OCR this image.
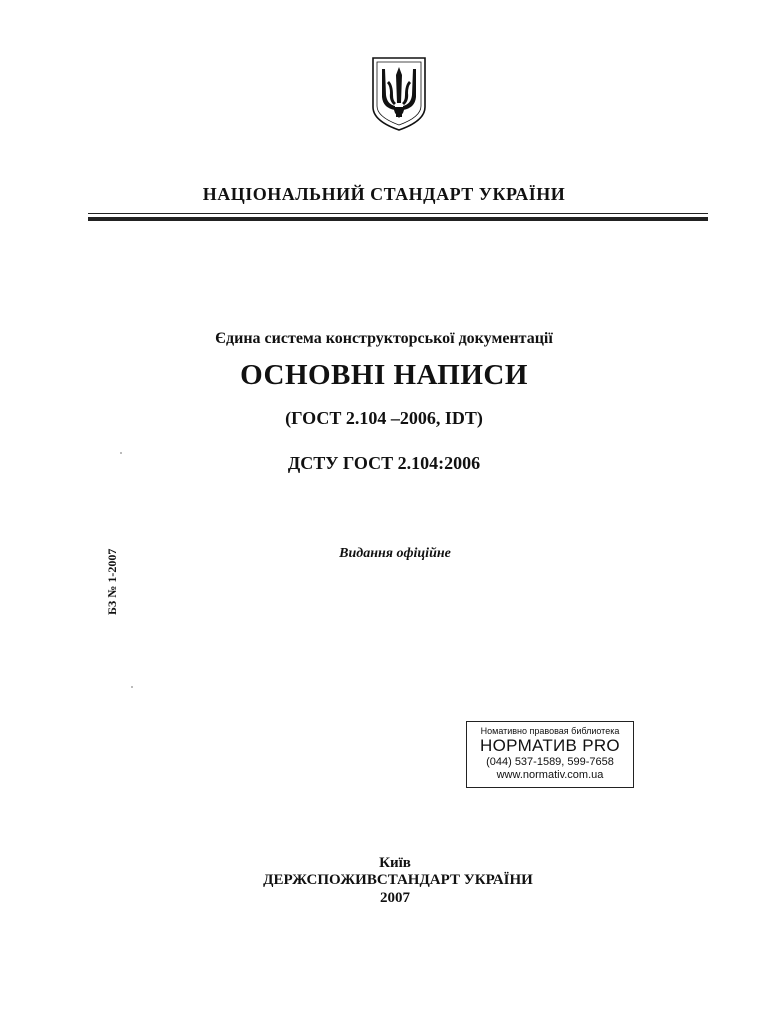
НАЦІОНАЛЬНИЙ СТАНДАРТ УКРАЇНИ
Єдина система конструкторської документації
ОСНОВНІ НАПИСИ
(ГОСТ 2.104 –2006, IDT)
ДСТУ ГОСТ 2.104:2006
Видання офіційне
БЗ № 1-2007
Номативно правовая библиотека
НОРМАТИВ PRO
(044) 537-1589, 599-7658
www.normativ.com.ua
Київ
ДЕРЖСПОЖИВСТАНДАРТ УКРАЇНИ
2007
